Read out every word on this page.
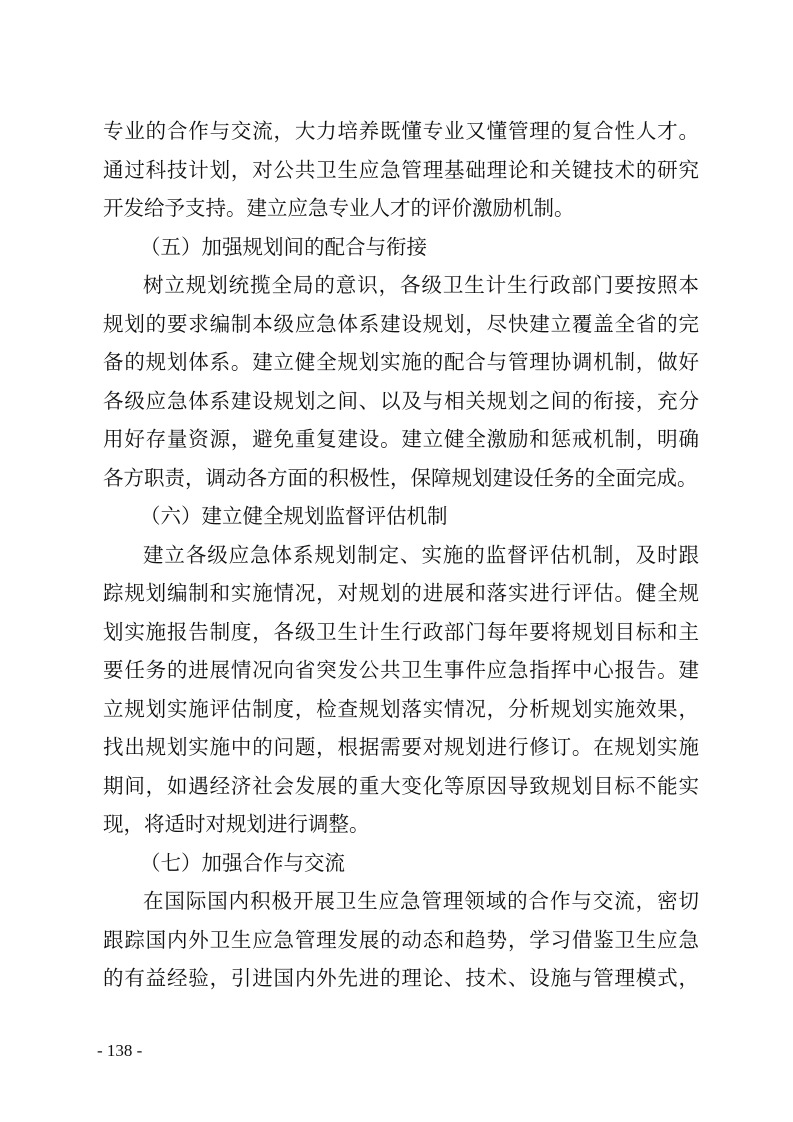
专业的合作与交流，大力培养既懂专业又懂管理的复合性人才。
通过科技计划，对公共卫生应急管理基础理论和关键技术的研究
开发给予支持。建立应急专业人才的评价激励机制。
（五）加强规划间的配合与衔接
树立规划统揽全局的意识，各级卫生计生行政部门要按照本
规划的要求编制本级应急体系建设规划，尽快建立覆盖全省的完
备的规划体系。建立健全规划实施的配合与管理协调机制，做好
各级应急体系建设规划之间、以及与相关规划之间的衔接，充分
用好存量资源，避免重复建设。建立健全激励和惩戒机制，明确
各方职责，调动各方面的积极性，保障规划建设任务的全面完成。
（六）建立健全规划监督评估机制
建立各级应急体系规划制定、实施的监督评估机制，及时跟
踪规划编制和实施情况，对规划的进展和落实进行评估。健全规
划实施报告制度，各级卫生计生行政部门每年要将规划目标和主
要任务的进展情况向省突发公共卫生事件应急指挥中心报告。建
立规划实施评估制度，检查规划落实情况，分析规划实施效果，
找出规划实施中的问题，根据需要对规划进行修订。在规划实施
期间，如遇经济社会发展的重大变化等原因导致规划目标不能实
现，将适时对规划进行调整。
（七）加强合作与交流
在国际国内积极开展卫生应急管理领域的合作与交流，密切
跟踪国内外卫生应急管理发展的动态和趋势，学习借鉴卫生应急
的有益经验，引进国内外先进的理论、技术、设施与管理模式，
- 138 -
